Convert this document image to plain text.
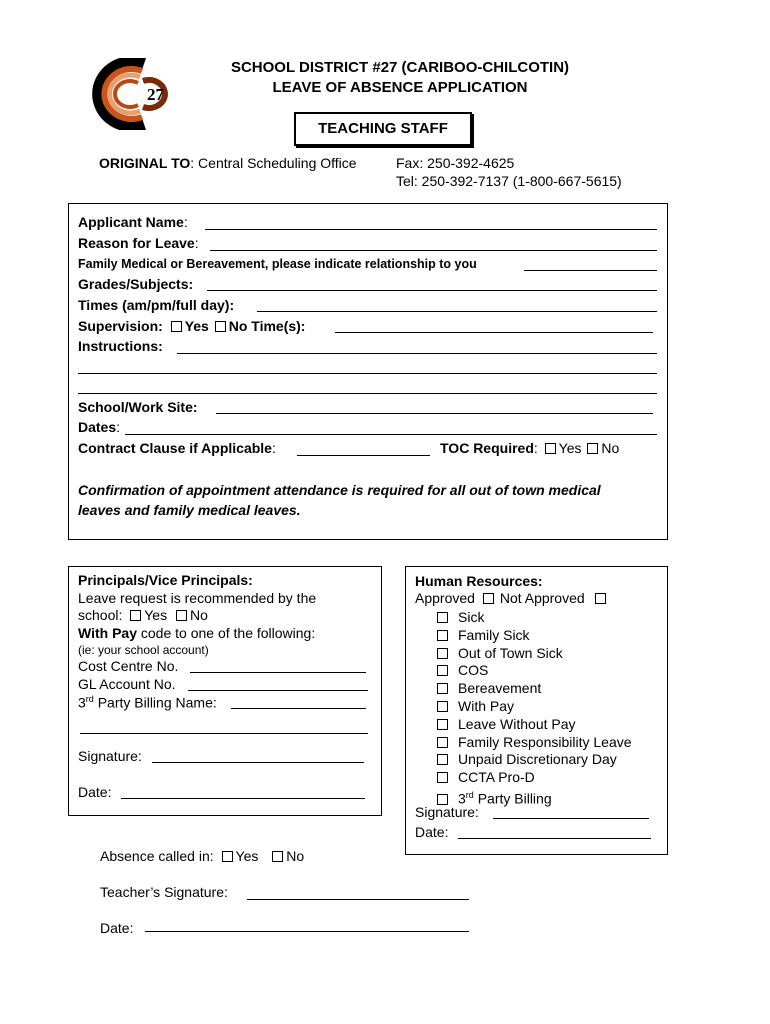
27
SCHOOL DISTRICT #27 (CARIBOO-CHILCOTIN)
LEAVE OF ABSENCE APPLICATION
TEACHING STAFF
ORIGINAL TO: Central Scheduling Office	Fax: 250-392-4625
Tel: 250-392-7137 (1-800-667-5615)
Applicant Name:
Reason for Leave:
Family Medical or Bereavement, please indicate relationship to you
Grades/Subjects:
Times (am/pm/full day):
Supervision: Yes No Time(s):
Instructions:
School/Work Site:
Dates:
Contract Clause if Applicable:	TOC Required: Yes No
Confirmation of appointment attendance is required for all out of town medical
leaves and family medical leaves.
Principals/Vice Principals:
Leave request is recommended by the
school: Yes No
With Pay code to one of the following:
(ie: your school account)
Cost Centre No.
GL Account No.
3rd Party Billing Name:
Signature:
Date:
Human Resources:
Approved Not Approved
Sick
Family Sick
Out of Town Sick
COS
Bereavement
With Pay
Leave Without Pay
Family Responsibility Leave
Unpaid Discretionary Day
CCTA Pro-D
3rd Party Billing
Signature:
Date:
Absence called in: Yes No
Teacher’s Signature:
Date:
